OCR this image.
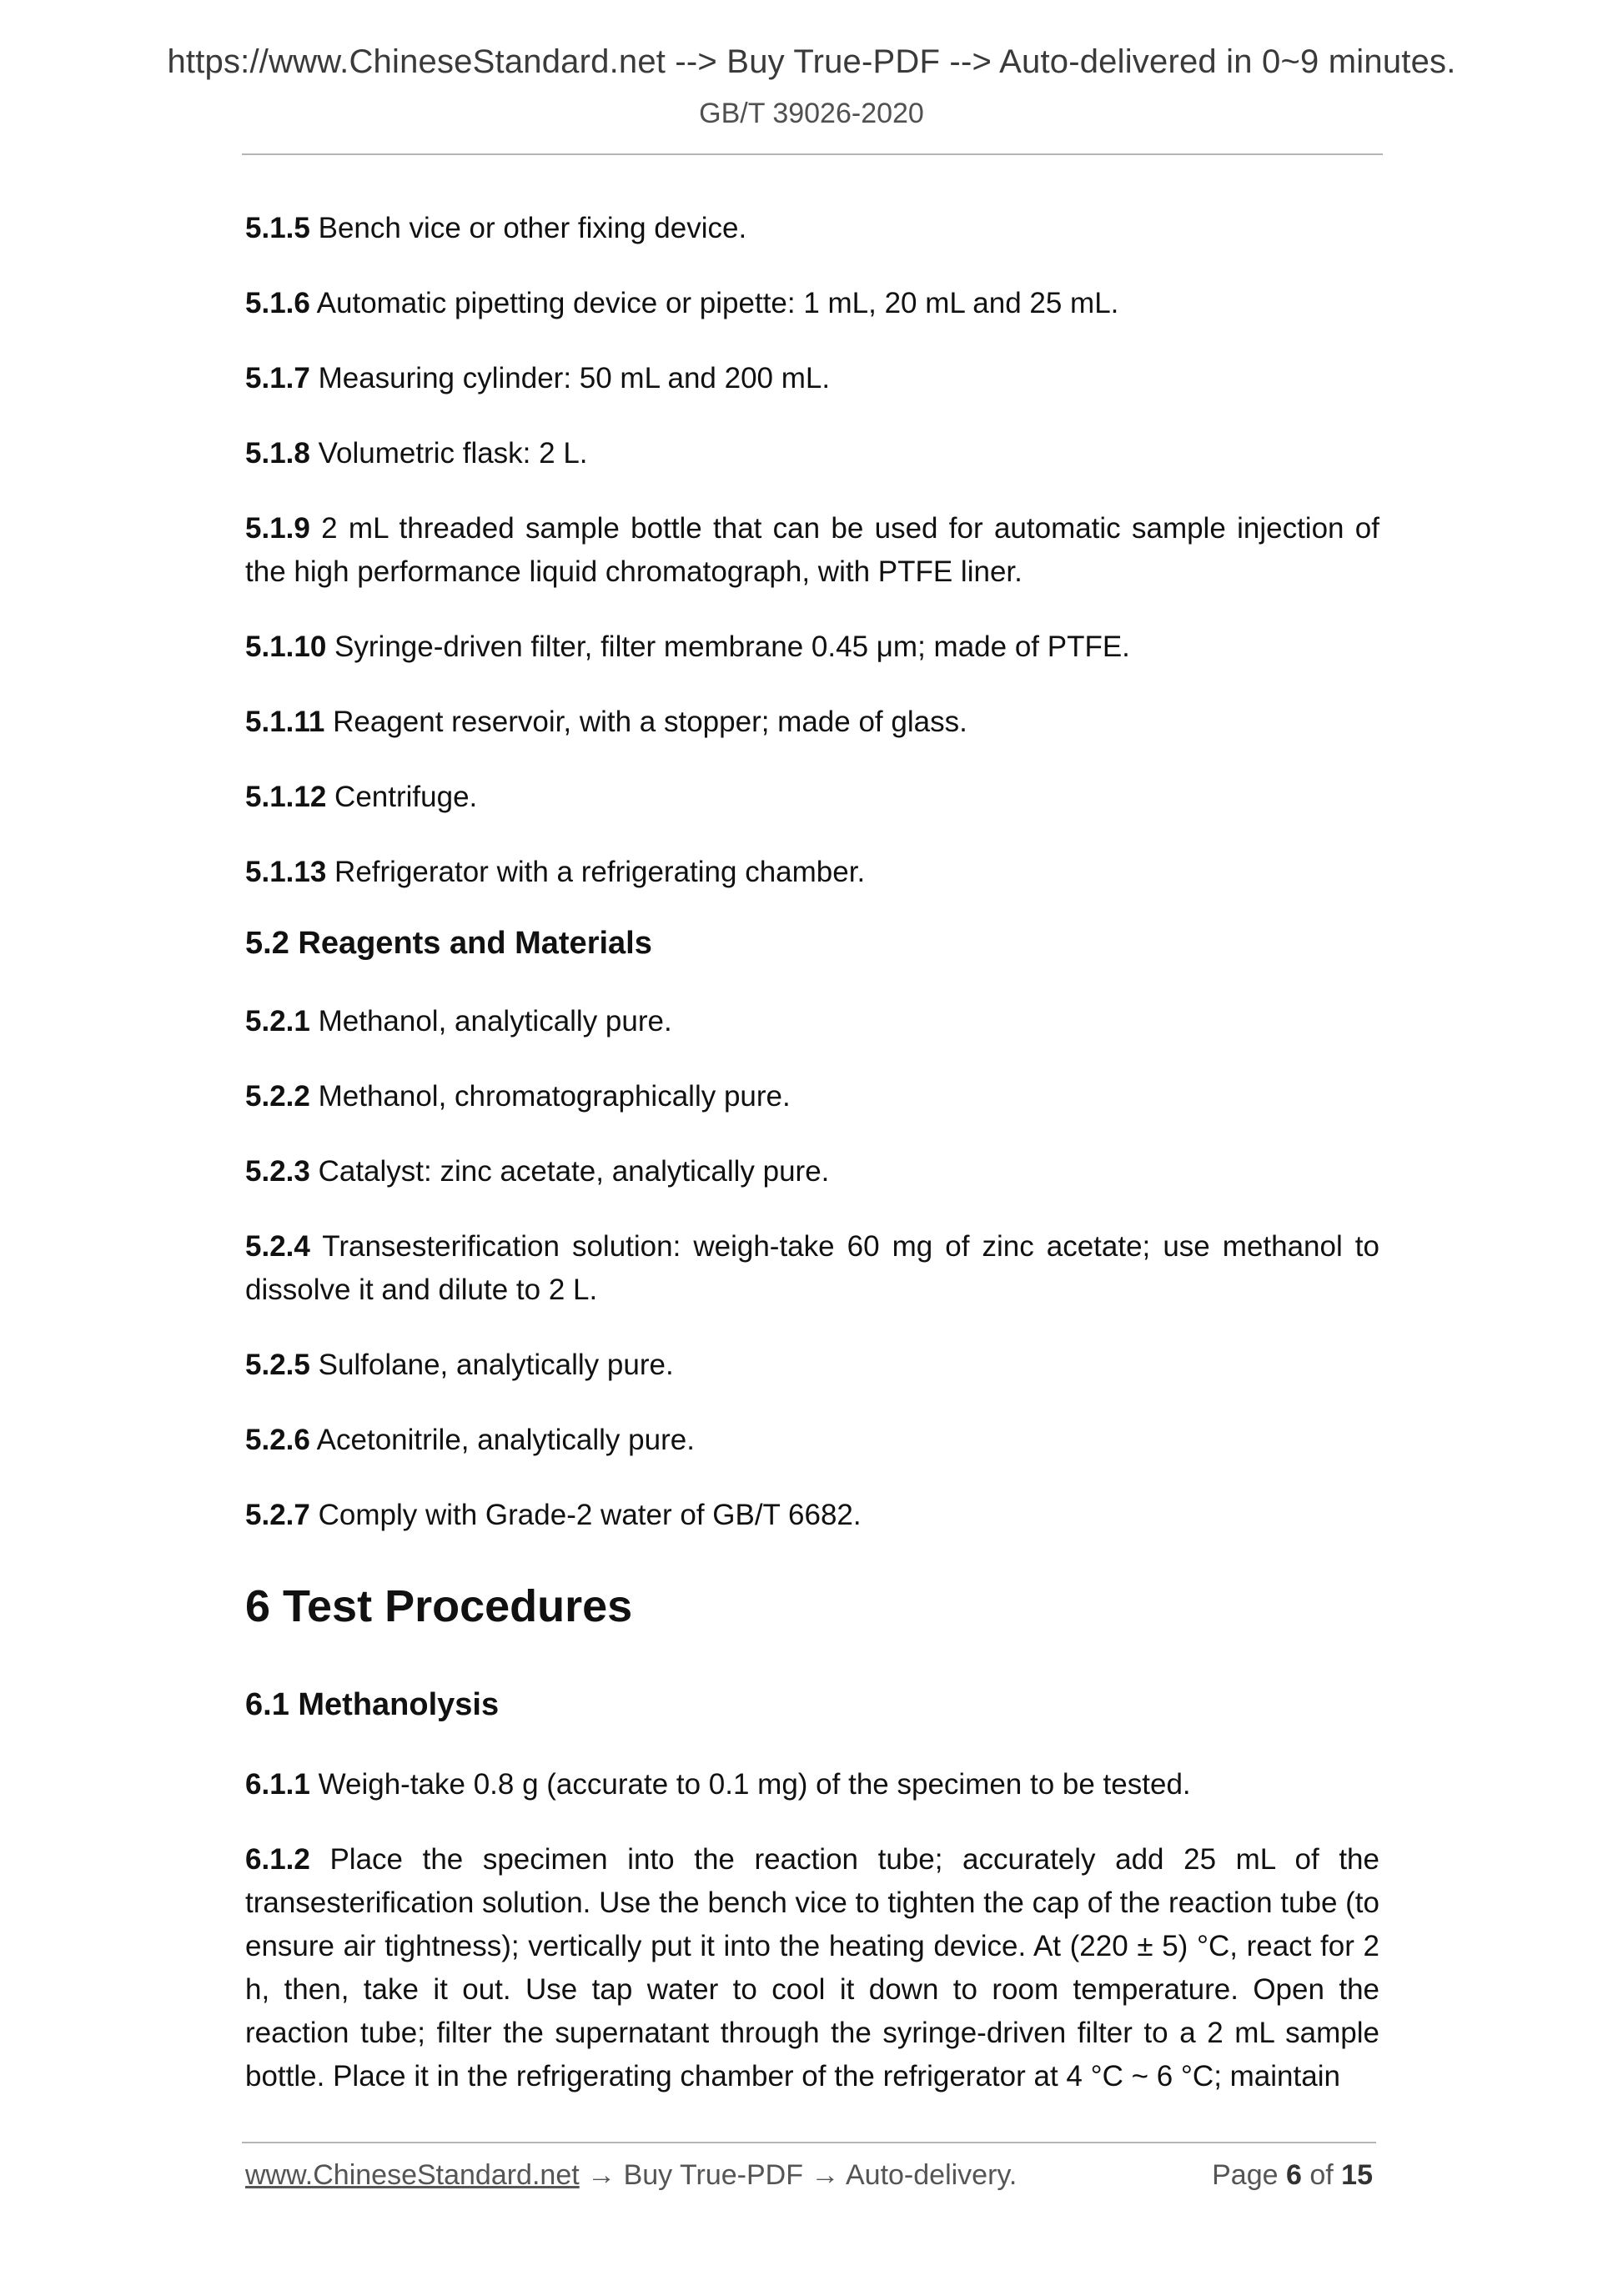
https://www.ChineseStandard.net --> Buy True-PDF --> Auto-delivered in 0~9 minutes.
GB/T 39026-2020
5.1.5 Bench vice or other fixing device.
5.1.6 Automatic pipetting device or pipette: 1 mL, 20 mL and 25 mL.
5.1.7 Measuring cylinder: 50 mL and 200 mL.
5.1.8 Volumetric flask: 2 L.
5.1.9 2 mL threaded sample bottle that can be used for automatic sample injection of the high performance liquid chromatograph, with PTFE liner.
5.1.10 Syringe-driven filter, filter membrane 0.45 μm; made of PTFE.
5.1.11 Reagent reservoir, with a stopper; made of glass.
5.1.12 Centrifuge.
5.1.13 Refrigerator with a refrigerating chamber.
5.2 Reagents and Materials
5.2.1 Methanol, analytically pure.
5.2.2 Methanol, chromatographically pure.
5.2.3 Catalyst: zinc acetate, analytically pure.
5.2.4 Transesterification solution: weigh-take 60 mg of zinc acetate; use methanol to dissolve it and dilute to 2 L.
5.2.5 Sulfolane, analytically pure.
5.2.6 Acetonitrile, analytically pure.
5.2.7 Comply with Grade-2 water of GB/T 6682.
6 Test Procedures
6.1 Methanolysis
6.1.1 Weigh-take 0.8 g (accurate to 0.1 mg) of the specimen to be tested.
6.1.2 Place the specimen into the reaction tube; accurately add 25 mL of the transesterification solution. Use the bench vice to tighten the cap of the reaction tube (to ensure air tightness); vertically put it into the heating device. At (220 ± 5) °C, react for 2 h, then, take it out. Use tap water to cool it down to room temperature. Open the reaction tube; filter the supernatant through the syringe-driven filter to a 2 mL sample bottle. Place it in the refrigerating chamber of the refrigerator at 4 °C ~ 6 °C; maintain
www.ChineseStandard.net → Buy True-PDF → Auto-delivery.	Page 6 of 15
